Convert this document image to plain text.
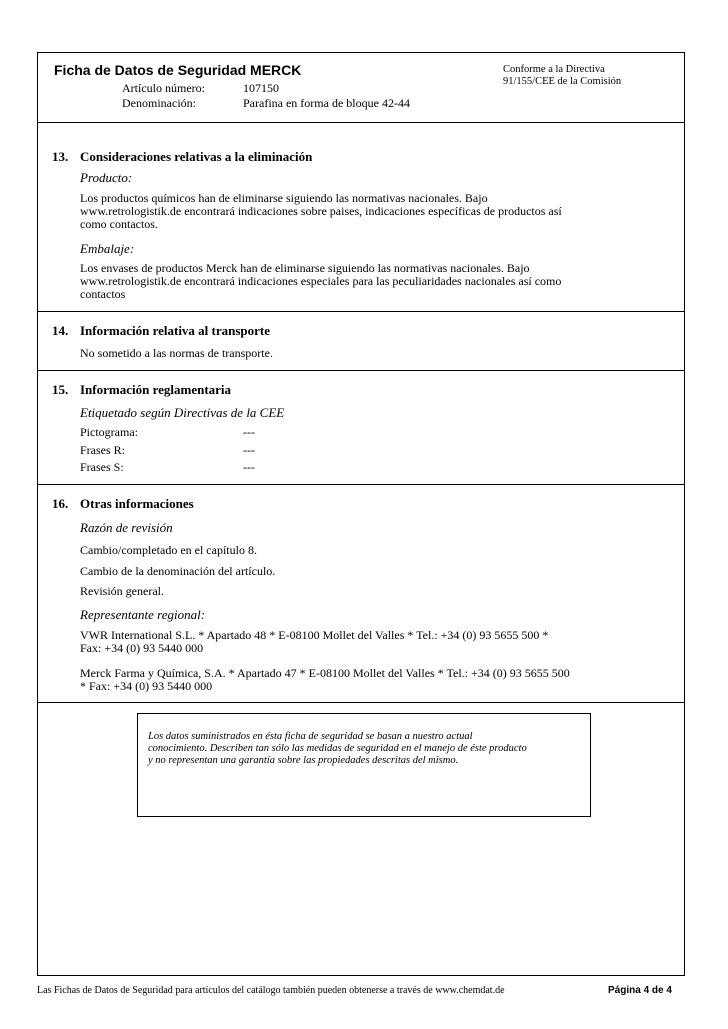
Ficha de Datos de Seguridad MERCK
Artículo número:	107150
Denominación:	Parafina en forma de bloque 42-44
Conforme a la Directiva
91/155/CEE de la Comisión
13. Consideraciones relativas a la eliminación
Producto:
Los productos químicos han de eliminarse siguiendo las normativas nacionales. Bajo
www.retrologistik.de encontrará indicaciones sobre paises, indicaciones específicas de productos así
como contactos.
Embalaje:
Los envases de productos Merck han de eliminarse siguiendo las normativas nacionales. Bajo
www.retrologistik.de encontrará indicaciones especiales para las peculiaridades nacionales así como
contactos
14. Información relativa al transporte
No sometido a las normas de transporte.
15. Información reglamentaria
Etiquetado según Directivas de la CEE
Pictograma:	---
Frases R:	---
Frases S:	---
16. Otras informaciones
Razón de revisión
Cambio/completado en el capítulo 8.
Cambio de la denominación del artículo.
Revisión general.
Representante regional:
VWR International S.L. * Apartado 48 * E-08100 Mollet del Valles * Tel.: +34 (0) 93 5655 500 *
Fax: +34 (0) 93 5440 000
Merck Farma y Química, S.A. * Apartado 47 * E-08100 Mollet del Valles * Tel.: +34 (0) 93 5655 500
* Fax: +34 (0) 93 5440 000
Los datos suministrados en ésta ficha de seguridad se basan a nuestro actual
conocimiento. Describen tan sólo las medidas de seguridad en el manejo de éste producto
y no representan una garantía sobre las propiedades descritas del mismo.
Las Fichas de Datos de Seguridad para artículos del catálogo también pueden obtenerse a través de www.chemdat.de	Página 4 de 4
